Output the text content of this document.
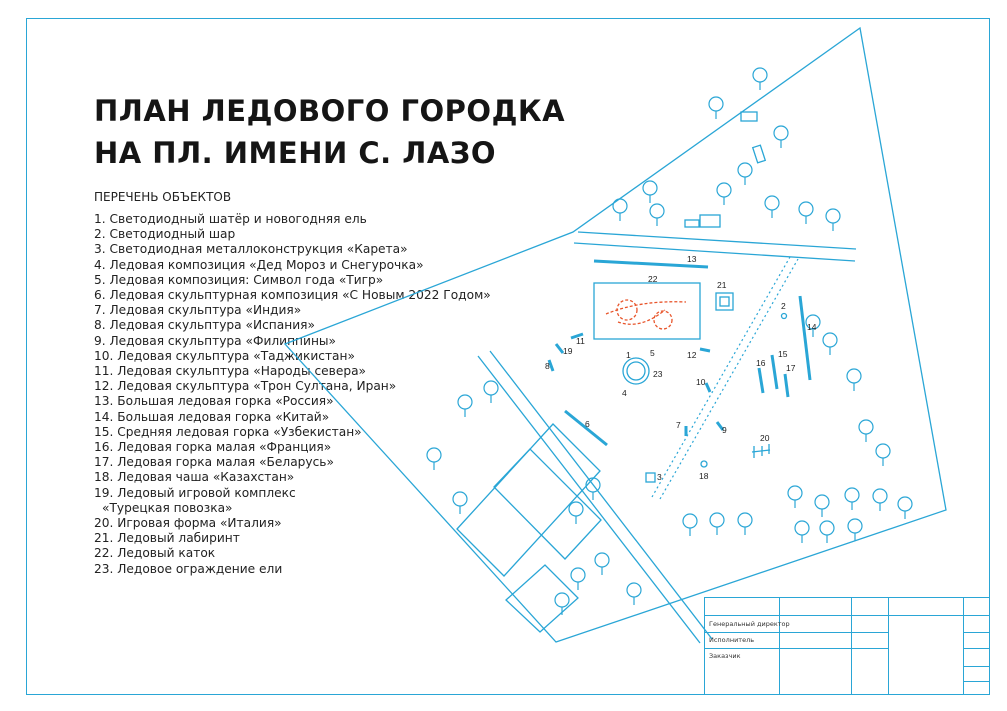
ПЛАН ЛЕДОВОГО ГОРОДКА
НА ПЛ. ИМЕНИ С. ЛАЗО
ПЕРЕЧЕНЬ ОБЪЕКТОВ
1. Светодиодный шатёр и новогодняя ель
2. Светодиодный шар
3. Светодиодная металлоконструкция «Карета»
4. Ледовая композиция «Дед Мороз и Снегурочка»
5. Ледовая композиция: Символ года «Тигр»
6. Ледовая скульптурная композиция «С Новым 2022 Годом»
7. Ледовая скульптура «Индия»
8. Ледовая скульптура «Испания»
9. Ледовая скульптура «Филиппины»
10. Ледовая скульптура «Таджикистан»
11. Ледовая скульптура «Народы севера»
12. Ледовая скульптура «Трон Султана, Иран»
13. Большая ледовая горка «Россия»
14. Большая ледовая горка «Китай»
15. Средняя ледовая горка «Узбекистан»
16. Ледовая горка малая «Франция»
17. Ледовая горка малая «Беларусь»
18. Ледовая чаша «Казахстан»
19. Ледовый игровой комплекс
«Турецкая повозка»
20. Игровая форма «Италия»
21. Ледовый лабиринт
22. Ледовый каток
23. Ледовое ограждение ели
1
2
3
4
5
6	7
8
9
10
11
12
13
14
15
16 17
18
19
20
21
22
23
Генеральный директор
Исполнитель
Заказчик
